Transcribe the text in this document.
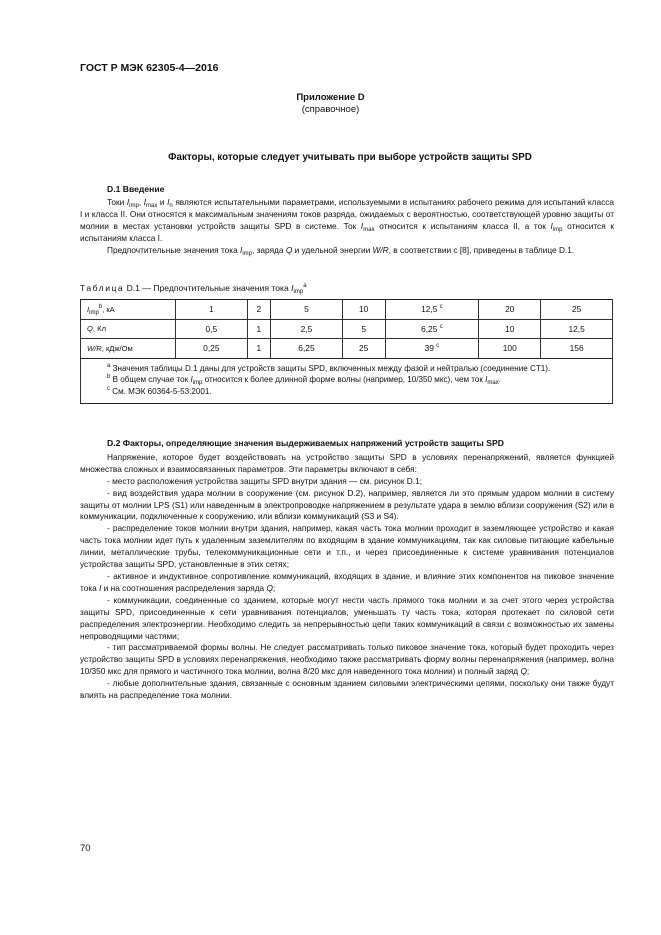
ГОСТ Р МЭК 62305-4—2016
Приложение D
(справочное)
Факторы, которые следует учитывать при выборе устройств защиты SPD
D.1 Введение

Токи $I_{imp}$, $I_{max}$ и $I_n$ являются испытательными параметрами, используемыми в испытаниях рабочего режима для испытаний класса I и класса II. Они относятся к максимальным значениям токов разряда, ожидаемых с вероятностью, соответствующей уровню защиты от молнии в местах установки устройств защиты SPD в системе. Ток $I_{max}$ относится к испытаниям класса II, а ток $I_{imp}$ относится к испытаниям класса I.

Предпочтительные значения тока $I_{imp}$, заряда Q и удельной энергии W/R, в соответствии с [8], приведены в таблице D.1.

Таблица D.1 — Предпочтительные значения тока $I_{imp}^a$
$I_{imp}^b$, кА	1	2	5	10	12,5 $^c$	20	25
Q, Кл	0,5	1	2,5	5	6,25 $^c$	10	12,5
W/R, кДж/Ом	0,25	1	6,25	25	39 $^c$	100	156

$^a$ Значения таблицы D.1 даны для устройств защиты SPD, включенных между фазой и нейтралью (соединение CT1).
$^b$ В общем случае ток $I_{imp}$ относится к более длинной форме волны (например, 10/350 мкс), чем ток $I_{max}$.
$^c$ См. МЭК 60364-5-53:2001.							

D.2 Факторы, определяющие значения выдерживаемых напряжений устройств защиты SPD

Напряжение, которое будет воздействовать на устройство защиты SPD в условиях перенапряжений, является функцией множества сложных и взаимосвязанных параметров. Эти параметры включают в себя:

- место расположения устройства защиты SPD внутри здания — см. рисунок D.1;

- вид воздействия удара молнии в сооружение (см. рисунок D.2), например, является ли это прямым ударом молнии в систему защиты от молнии LPS (S1) или наведенным в электропроводке напряжением в результате удара в землю вблизи сооружения (S2) или в коммуникации, подключенные к сооружению, или вблизи коммуникаций (S3 и S4).

- распределение токов молнии внутри здания, например, какая часть тока молнии проходит в заземляющее устройство и какая часть тока молнии идет путь к удаленным заземлителям по входящим в здание коммуникациям, так как силовые питающие кабельные линии, металлические трубы, телекоммуникационные сети и т.п., и через присоединенные к системе уравнивания потенциалов устройства защиты SPD, установленные в этих сетях;

- активное и индуктивное сопротивление коммуникаций, входящих в здание, и влияние этих компонентов на пиковое значение тока I и на соотношения распределения заряда Q;

- коммуникации, соединенные со зданием, которые могут нести часть прямого тока молнии и за счет этого через устройства защиты SPD, присоединенные к сети уравнивания потенциалов, уменьшать ту часть тока, которая протекает по силовой сети распределения электроэнергии. Необходимо следить за непрерывностью цепи таких коммуникаций в связи с возможностью их замены непроводящими частями;

- тип рассматриваемой формы волны. Не следует рассматривать только пиковое значение тока, который будет проходить через устройство защиты SPD в условиях перенапряжения, необходимо также рассматривать форму волны перенапряжения (например, волна 10/350 мкс для прямого и частичного тока молнии, волна 8/20 мкс для наведенного тока молнии) и полный заряд Q;

- любые дополнительные здания, связанные с основным зданием силовыми электрическими цепями, поскольку они также будут влиять на распределение тока молнии.

70
